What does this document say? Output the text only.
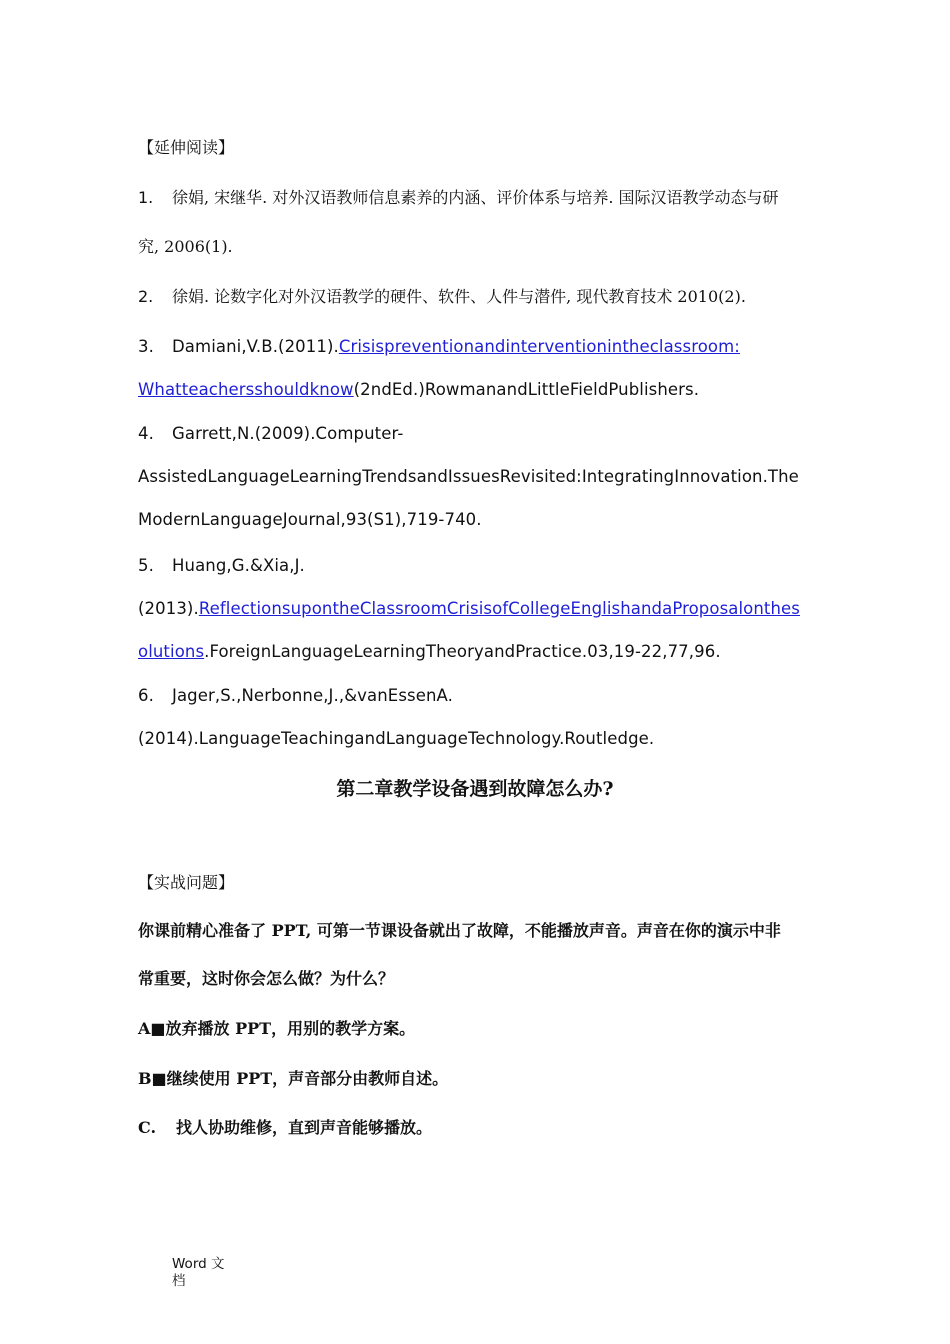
【延伸阅读】
1. 徐娟, 宋继华. 对外汉语教师信息素养的内涵、评价体系与培养. 国际汉语教学动态与研
究, 2006(1).
2. 徐娟. 论数字化对外汉语教学的硬件、软件、人件与潜件, 现代教育技术 2010(2).
3. Damiani,V.B.(2011).Crisispreventionandinterventionintheclassroom:
Whatteachersshouldknow(2ndEd.)RowmanandLittleFieldPublishers.
4. Garrett,N.(2009).Computer-
AssistedLanguageLearningTrendsandIssuesRevisited:IntegratingInnovation.The
ModernLanguageJournal,93(S1),719-740.
5. Huang,G.&Xia,J.
(2013).ReflectionsupontheClassroomCrisisofCollegeEnglishandaProposalonthes
olutions.ForeignLanguageLearningTheoryandPractice.03,19-22,77,96.
6. Jager,S.,Nerbonne,J.,&vanEssenA.
(2014).LanguageTeachingandLanguageTechnology.Routledge.
第二章教学设备遇到故障怎么办?
【实战问题】
你课前精心准备了 PPT, 可第一节课设备就出了故障，不能播放声音。声音在你的演示中非
常重要，这时你会怎么做？为什么？
A■放弃播放 PPT，用别的教学方案。
B■继续使用 PPT，声音部分由教师自述。
C. 找人协助维修，直到声音能够播放。
Word 文档
